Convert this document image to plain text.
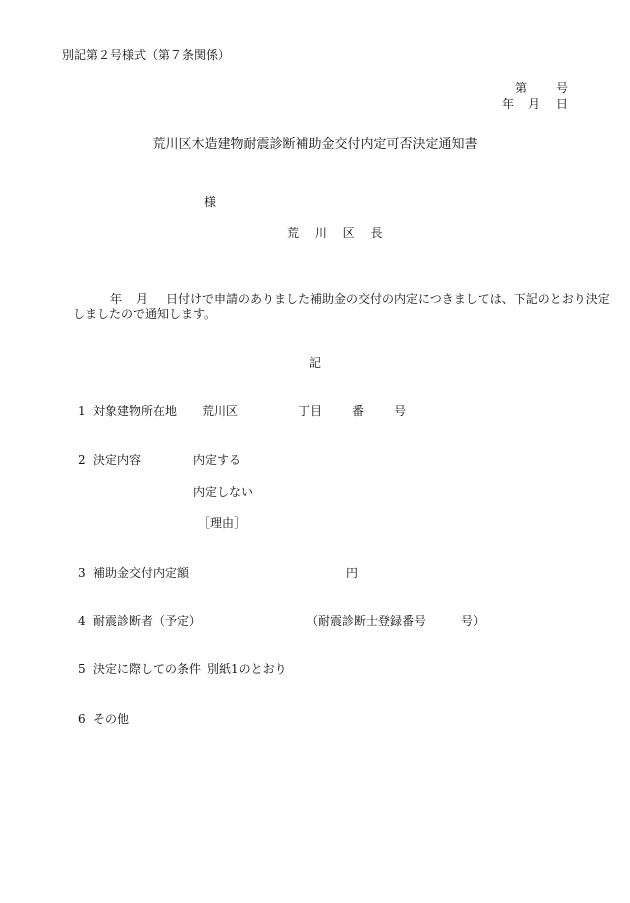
別記第２号様式（第７条関係）
第 号
年 月 日
荒川区木造建物耐震診断補助金交付内定可否決定通知書
様
荒 川 区 長
年 月 日付けで申請のありました補助金の交付の内定につきましては、下記のとおり決定
しましたので通知します。
記
1 対象建物所在地 荒川区	丁目 番 号
2 決定内容	内定する
内定しない
［理由］
3 補助金交付内定額	円
4 耐震診断者（予定）	（耐震診断士登録番号	号）
5 決定に際しての条件 別紙1のとおり
6 その他
